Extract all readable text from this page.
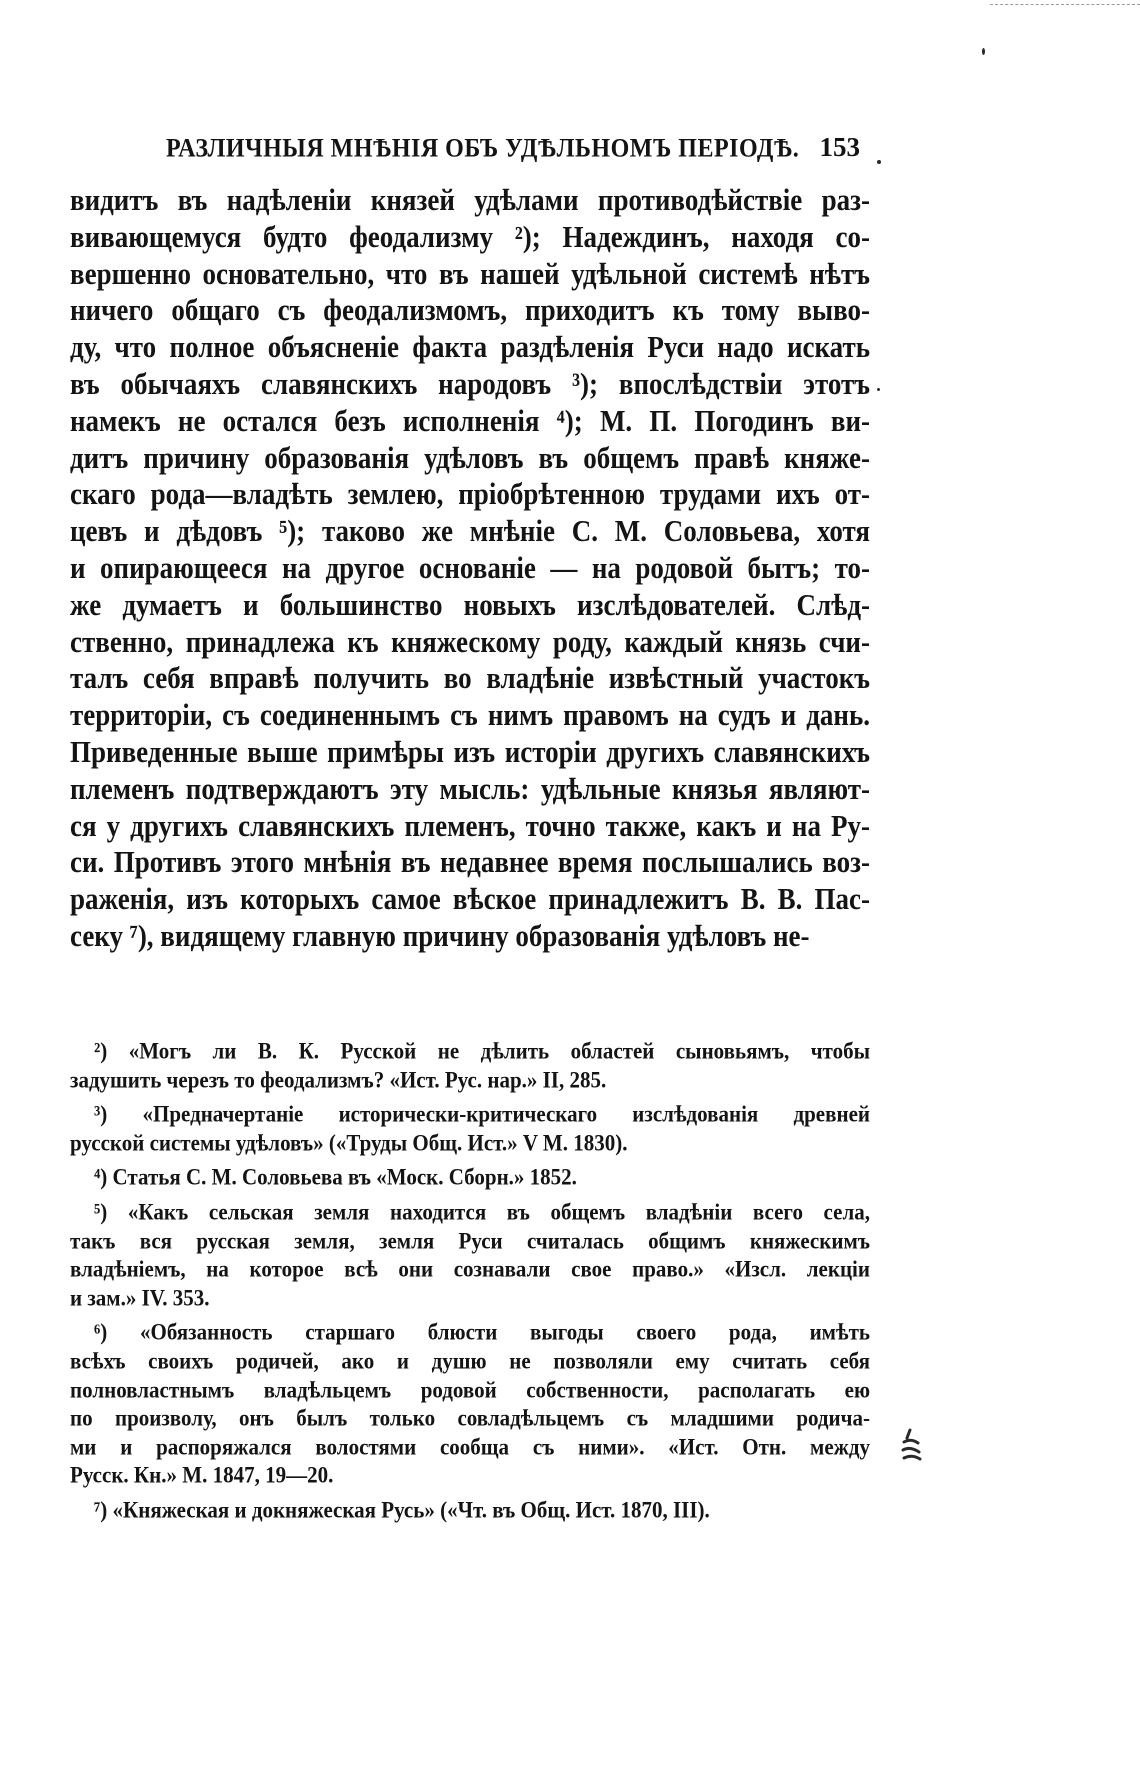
РАЗЛИЧНЫЯ МНѢНІЯ ОБЪ УДѢЛЬНОМЪ ПЕРІОДѢ. 153
видитъ въ надѣленіи князей удѣлами противодѣйствіе раз-
вивающемуся будто феодализму ²); Надеждинъ, находя со-
вершенно основательно, что въ нашей удѣльной системѣ нѣтъ
ничего общаго съ феодализмомъ, приходитъ къ тому выво-
ду, что полное объясненіе факта раздѣленія Руси надо искать
въ обычаяхъ славянскихъ народовъ ³); впослѣдствіи этотъ
намекъ не остался безъ исполненія ⁴); М. П. Погодинъ ви-
дитъ причину образованія удѣловъ въ общемъ правѣ княже-
скаго рода—владѣть землею, пріобрѣтенною трудами ихъ от-
цевъ и дѣдовъ ⁵); таково же мнѣніе С. М. Соловьева, хотя
и опирающееся на другое основаніе — на родовой бытъ; то-
же думаетъ и большинство новыхъ изслѣдователей. Слѣд-
ственно, принадлежа къ княжескому роду, каждый князь счи-
талъ себя вправѣ получить во владѣніе извѣстный участокъ
территоріи, съ соединеннымъ съ нимъ правомъ на судъ и дань.
Приведенные выше примѣры изъ исторіи другихъ славянскихъ
племенъ подтверждаютъ эту мысль: удѣльные князья являют-
ся у другихъ славянскихъ племенъ, точно также, какъ и на Ру-
си. Противъ этого мнѣнія въ недавнее время послышались воз-
раженія, изъ которыхъ самое вѣское принадлежитъ В. В. Пас-
секу ⁷), видящему главную причину образованія удѣловъ не-
²) «Могъ ли В. К. Русской не дѣлить областей сыновьямъ, чтобы
задушить черезъ то феодализмъ? «Ист. Рус. нар.» II, 285.
³) «Предначертаніе исторически-критическаго изслѣдованія древней
русской системы удѣловъ» («Труды Общ. Ист.» V М. 1830).
⁴) Статья С. М. Соловьева въ «Моск. Сборн.» 1852.
⁵) «Какъ сельская земля находится въ общемъ владѣніи всего села,
такъ вся русская земля, земля Руси считалась общимъ княжескимъ
владѣніемъ, на которое всѣ они сознавали свое право.» «Изсл. лекціи
и зам.» IV. 353.
⁶) «Обязанность старшаго блюсти выгоды своего рода, имѣть
всѣхъ своихъ родичей, ако и душю не позволяли ему считать себя
полновластнымъ владѣльцемъ родовой собственности, располагать ею
по произволу, онъ былъ только совладѣльцемъ съ младшими родича-
ми и распоряжался волостями сообща съ ними». «Ист. Отн. между
Русск. Кн.» М. 1847, 19—20.
⁷) «Княжеская и докняжеская Русь» («Чт. въ Общ. Ист. 1870, III).
